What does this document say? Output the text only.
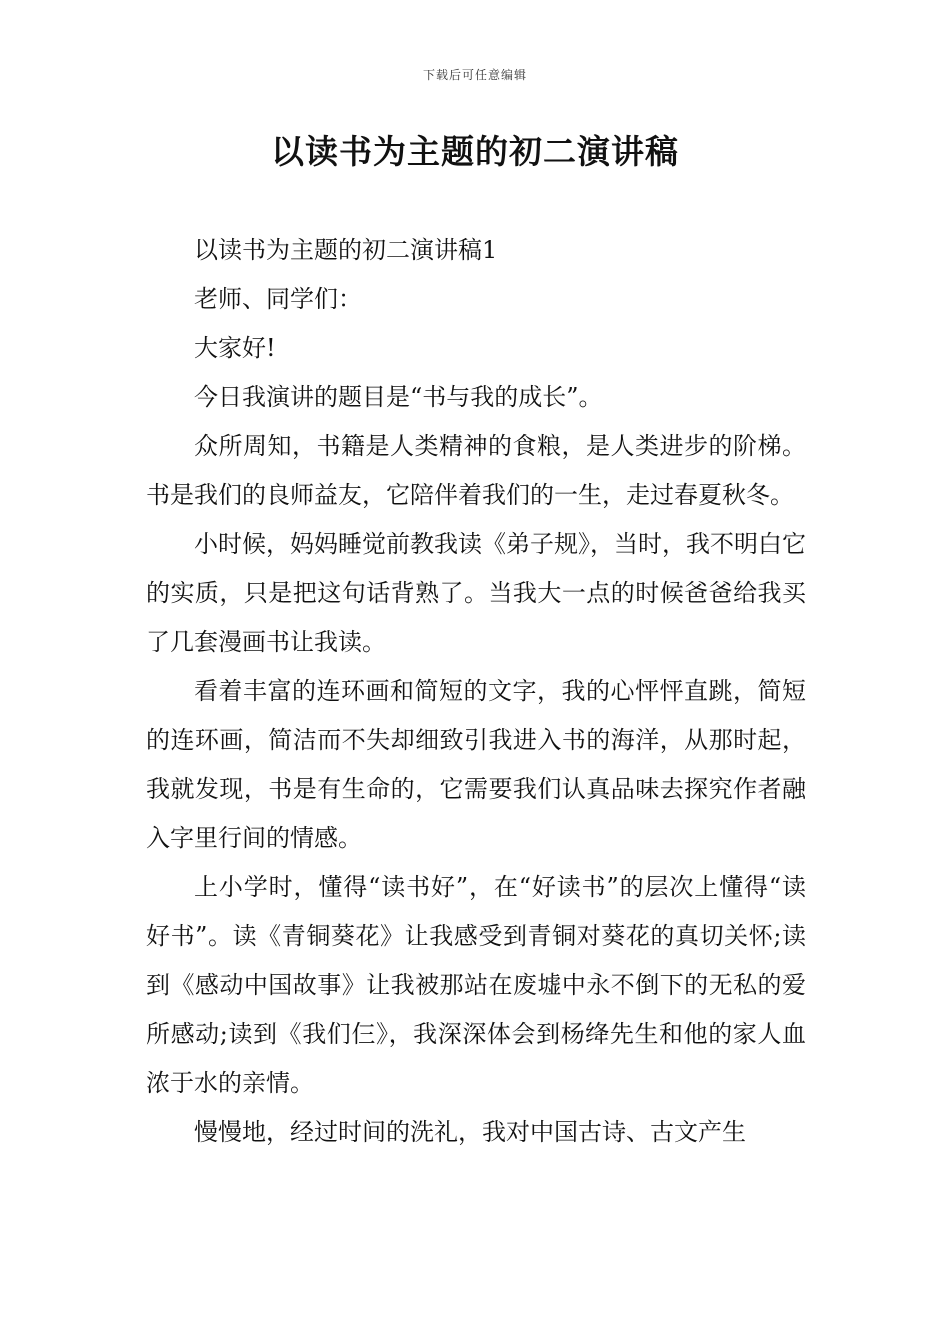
下载后可任意编辑
以读书为主题的初二演讲稿

以读书为主题的初二演讲稿1

老师、同学们：

大家好!

今日我演讲的题目是“书与我的成长”。

众所周知，书籍是人类精神的食粮，是人类进步的阶梯。书是我们的良师益友，它陪伴着我们的一生，走过春夏秋冬。

小时候，妈妈睡觉前教我读《弟子规》，当时，我不明白它的实质，只是把这句话背熟了。当我大一点的时候爸爸给我买了几套漫画书让我读。

看着丰富的连环画和简短的文字，我的心怦怦直跳，简短的连环画，简洁而不失却细致引我进入书的海洋，从那时起，我就发现，书是有生命的，它需要我们认真品味去探究作者融入字里行间的情感。

上小学时，懂得“读书好”，在“好读书”的层次上懂得“读好书”。读《青铜葵花》让我感受到青铜对葵花的真切关怀;读到《感动中国故事》让我被那站在废墟中永不倒下的无私的爱所感动;读到《我们仨》，我深深体会到杨绛先生和他的家人血浓于水的亲情。

慢慢地，经过时间的洗礼，我对中国古诗、古文产生
